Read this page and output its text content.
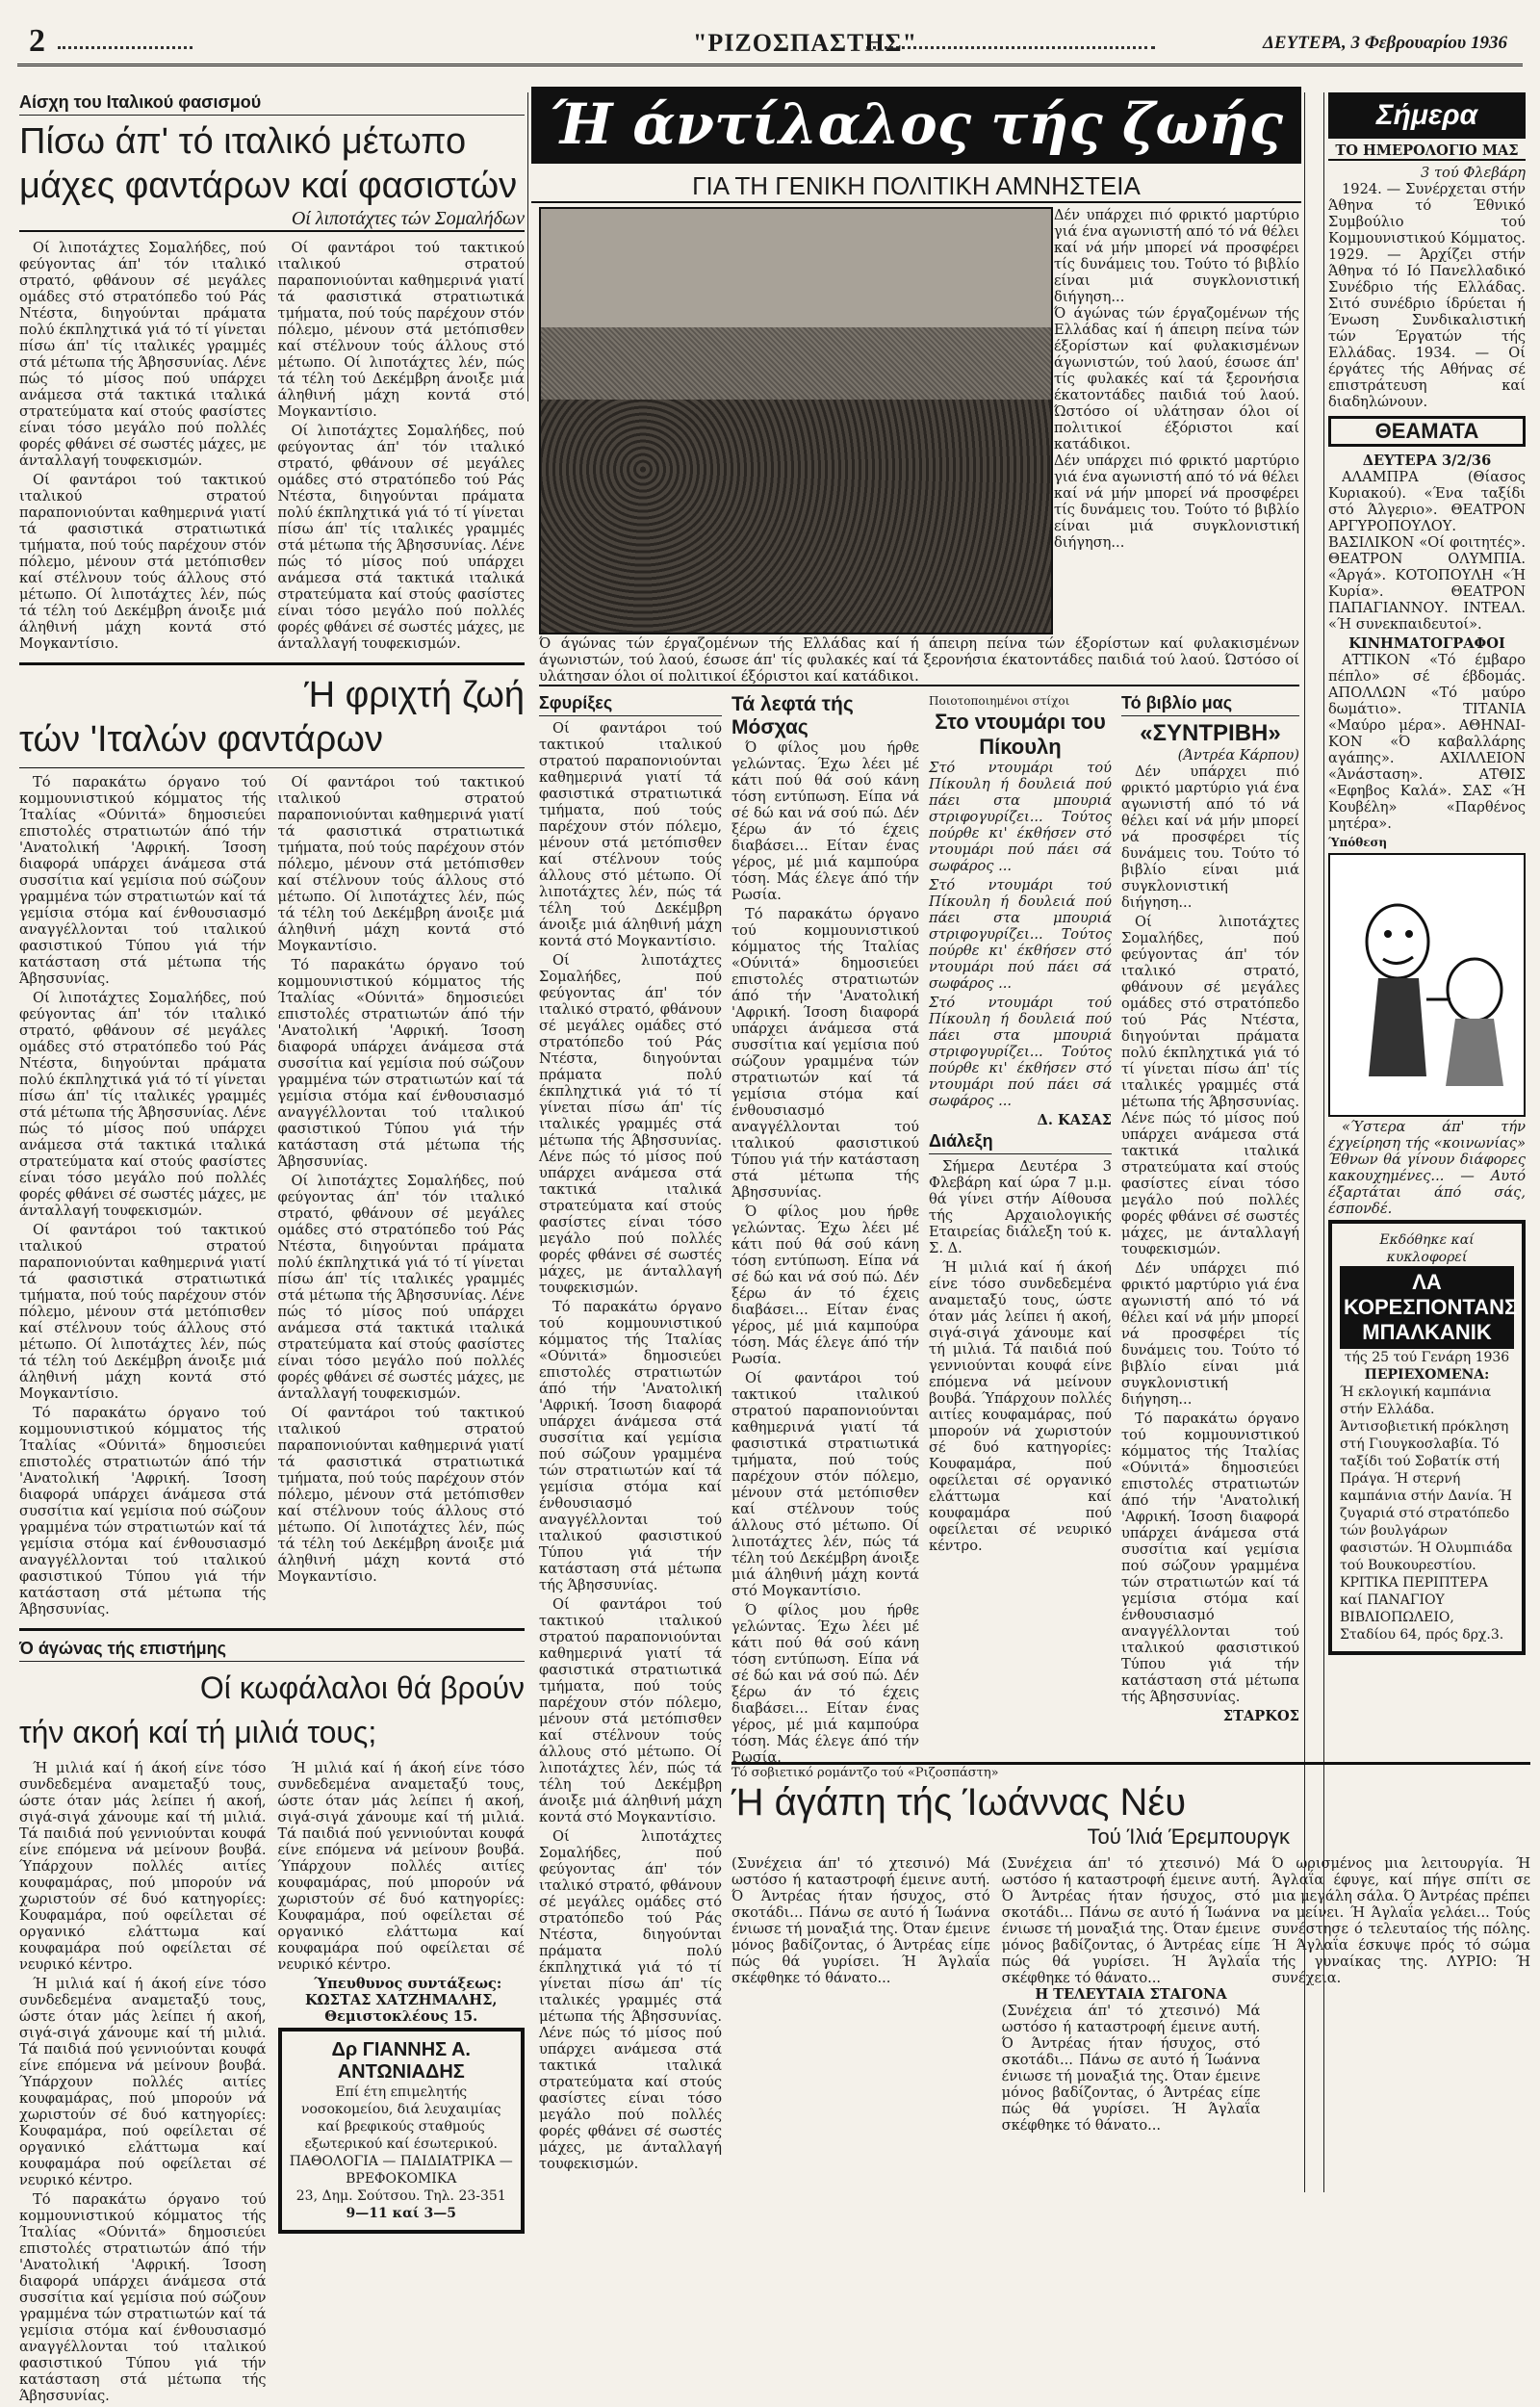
2	"ΡΙΖΟΣΠΑΣΤΗΣ"	ΔΕΥΤΕΡΑ, 3 Φεβρουαρίου 1936
Αίσχη του Ιταλικού φασισμού
Πίσω άπ' τό ιταλικό μέτωπο
μάχες φαντάρων καί φασιστών
Οί λιποτάχτες τών Σομαλήδων

Οί λιποτάχτες Σομαλήδες, πού φεύγοντας άπ' τόν ιταλικό στρατό, φθάνουν σέ μεγάλες ομάδες στό στρατόπεδο τού Ράς Ντέστα, διηγούνται πράματα πολύ έκπληχτικά γιά τό τί γίνεται πίσω άπ' τίς ιταλικές γραμμές στά μέτωπα τής Άβησσυνίας. Λένε πώς τό μίσος πού υπάρχει ανάμεσα στά τακτικά ιταλικά στρατεύματα καί στούς φασίστες είναι τόσο μεγάλο πού πολλές φορές φθάνει σέ σωστές μάχες, με άνταλλαγή τουφεκισμών.

Οί φαντάροι τού τακτικού ιταλικού στρατού παραπονιούνται καθημερινά γιατί τά φασιστικά στρατιωτικά τμήματα, πού τούς παρέχουν στόν πόλεμο, μένουν στά μετόπισθεν καί στέλνουν τούς άλλους στό μέτωπο. Οί λιποτάχτες λέν, πώς τά τέλη τού Δεκέμβρη άνοιξε μιά άληθινή μάχη κοντά στό Μογκαντίσιο.

Οί φαντάροι τού τακτικού ιταλικού στρατού παραπονιούνται καθημερινά γιατί τά φασιστικά στρατιωτικά τμήματα, πού τούς παρέχουν στόν πόλεμο, μένουν στά μετόπισθεν καί στέλνουν τούς άλλους στό μέτωπο. Οί λιποτάχτες λέν, πώς τά τέλη τού Δεκέμβρη άνοιξε μιά άληθινή μάχη κοντά στό Μογκαντίσιο.

Οί λιποτάχτες Σομαλήδες, πού φεύγοντας άπ' τόν ιταλικό στρατό, φθάνουν σέ μεγάλες ομάδες στό στρατόπεδο τού Ράς Ντέστα, διηγούνται πράματα πολύ έκπληχτικά γιά τό τί γίνεται πίσω άπ' τίς ιταλικές γραμμές στά μέτωπα τής Άβησσυνίας. Λένε πώς τό μίσος πού υπάρχει ανάμεσα στά τακτικά ιταλικά στρατεύματα καί στούς φασίστες είναι τόσο μεγάλο πού πολλές φορές φθάνει σέ σωστές μάχες, με άνταλλαγή τουφεκισμών.

Ή φριχτή ζωή
τών 'Ιταλών φαντάρων

Τό παρακάτω όργανο τού κομμουνιστικού κόμματος τής Ίταλίας «Ούνιτά» δημοσιεύει επιστολές στρατιωτών άπό τήν 'Ανατολική 'Αφρική. Ίσοση διαφορά υπάρχει άνάμεσα στά συσσίτια καί γεμίσια πού σώζουν γραμμένα τών στρατιωτών καί τά γεμίσια στόμα καί ένθουσιασμό αναγγέλλονται τού ιταλικού φασιστικού Τύπου γιά τήν κατάσταση στά μέτωπα τής Άβησσυνίας.

Οί λιποτάχτες Σομαλήδες, πού φεύγοντας άπ' τόν ιταλικό στρατό, φθάνουν σέ μεγάλες ομάδες στό στρατόπεδο τού Ράς Ντέστα, διηγούνται πράματα πολύ έκπληχτικά γιά τό τί γίνεται πίσω άπ' τίς ιταλικές γραμμές στά μέτωπα τής Άβησσυνίας. Λένε πώς τό μίσος πού υπάρχει ανάμεσα στά τακτικά ιταλικά στρατεύματα καί στούς φασίστες είναι τόσο μεγάλο πού πολλές φορές φθάνει σέ σωστές μάχες, με άνταλλαγή τουφεκισμών.

Οί φαντάροι τού τακτικού ιταλικού στρατού παραπονιούνται καθημερινά γιατί τά φασιστικά στρατιωτικά τμήματα, πού τούς παρέχουν στόν πόλεμο, μένουν στά μετόπισθεν καί στέλνουν τούς άλλους στό μέτωπο. Οί λιποτάχτες λέν, πώς τά τέλη τού Δεκέμβρη άνοιξε μιά άληθινή μάχη κοντά στό Μογκαντίσιο.

Τό παρακάτω όργανο τού κομμουνιστικού κόμματος τής Ίταλίας «Ούνιτά» δημοσιεύει επιστολές στρατιωτών άπό τήν 'Ανατολική 'Αφρική. Ίσοση διαφορά υπάρχει άνάμεσα στά συσσίτια καί γεμίσια πού σώζουν γραμμένα τών στρατιωτών καί τά γεμίσια στόμα καί ένθουσιασμό αναγγέλλονται τού ιταλικού φασιστικού Τύπου γιά τήν κατάσταση στά μέτωπα τής Άβησσυνίας.

Οί φαντάροι τού τακτικού ιταλικού στρατού παραπονιούνται καθημερινά γιατί τά φασιστικά στρατιωτικά τμήματα, πού τούς παρέχουν στόν πόλεμο, μένουν στά μετόπισθεν καί στέλνουν τούς άλλους στό μέτωπο. Οί λιποτάχτες λέν, πώς τά τέλη τού Δεκέμβρη άνοιξε μιά άληθινή μάχη κοντά στό Μογκαντίσιο.

Τό παρακάτω όργανο τού κομμουνιστικού κόμματος τής Ίταλίας «Ούνιτά» δημοσιεύει επιστολές στρατιωτών άπό τήν 'Ανατολική 'Αφρική. Ίσοση διαφορά υπάρχει άνάμεσα στά συσσίτια καί γεμίσια πού σώζουν γραμμένα τών στρατιωτών καί τά γεμίσια στόμα καί ένθουσιασμό αναγγέλλονται τού ιταλικού φασιστικού Τύπου γιά τήν κατάσταση στά μέτωπα τής Άβησσυνίας.

Οί λιποτάχτες Σομαλήδες, πού φεύγοντας άπ' τόν ιταλικό στρατό, φθάνουν σέ μεγάλες ομάδες στό στρατόπεδο τού Ράς Ντέστα, διηγούνται πράματα πολύ έκπληχτικά γιά τό τί γίνεται πίσω άπ' τίς ιταλικές γραμμές στά μέτωπα τής Άβησσυνίας. Λένε πώς τό μίσος πού υπάρχει ανάμεσα στά τακτικά ιταλικά στρατεύματα καί στούς φασίστες είναι τόσο μεγάλο πού πολλές φορές φθάνει σέ σωστές μάχες, με άνταλλαγή τουφεκισμών.

Οί φαντάροι τού τακτικού ιταλικού στρατού παραπονιούνται καθημερινά γιατί τά φασιστικά στρατιωτικά τμήματα, πού τούς παρέχουν στόν πόλεμο, μένουν στά μετόπισθεν καί στέλνουν τούς άλλους στό μέτωπο. Οί λιποτάχτες λέν, πώς τά τέλη τού Δεκέμβρη άνοιξε μιά άληθινή μάχη κοντά στό Μογκαντίσιο.

Ό άγώνας τής επιστήμης
Οί κωφάλαλοι θά βρούν
τήν ακοή καί τή μιλιά τους;

Ή μιλιά καί ή άκοή είνε τόσο συνδεδεμένα αναμεταξύ τους, ώστε όταν μάς λείπει ή ακοή, σιγά-σιγά χάνουμε καί τή μιλιά. Τά παιδιά πού γεννιούνται κουφά είνε επόμενα νά μείνουν βουβά. Ύπάρχουν πολλές αιτίες κουφαμάρας, πού μπορούν νά χωριστούν σέ δυό κατηγορίες: Κουφαμάρα, πού οφείλεται σέ οργανικό ελάττωμα καί κουφαμάρα πού οφείλεται σέ νευρικό κέντρο.

Ή μιλιά καί ή άκοή είνε τόσο συνδεδεμένα αναμεταξύ τους, ώστε όταν μάς λείπει ή ακοή, σιγά-σιγά χάνουμε καί τή μιλιά. Τά παιδιά πού γεννιούνται κουφά είνε επόμενα νά μείνουν βουβά. Ύπάρχουν πολλές αιτίες κουφαμάρας, πού μπορούν νά χωριστούν σέ δυό κατηγορίες: Κουφαμάρα, πού οφείλεται σέ οργανικό ελάττωμα καί κουφαμάρα πού οφείλεται σέ νευρικό κέντρο.

Τό παρακάτω όργανο τού κομμουνιστικού κόμματος τής Ίταλίας «Ούνιτά» δημοσιεύει επιστολές στρατιωτών άπό τήν 'Ανατολική 'Αφρική. Ίσοση διαφορά υπάρχει άνάμεσα στά συσσίτια καί γεμίσια πού σώζουν γραμμένα τών στρατιωτών καί τά γεμίσια στόμα καί ένθουσιασμό αναγγέλλονται τού ιταλικού φασιστικού Τύπου γιά τήν κατάσταση στά μέτωπα τής Άβησσυνίας.

Ή μιλιά καί ή άκοή είνε τόσο συνδεδεμένα αναμεταξύ τους, ώστε όταν μάς λείπει ή ακοή, σιγά-σιγά χάνουμε καί τή μιλιά. Τά παιδιά πού γεννιούνται κουφά είνε επόμενα νά μείνουν βουβά. Ύπάρχουν πολλές αιτίες κουφαμάρας, πού μπορούν νά χωριστούν σέ δυό κατηγορίες: Κουφαμάρα, πού οφείλεται σέ οργανικό ελάττωμα καί κουφαμάρα πού οφείλεται σέ νευρικό κέντρο.

Ύπευθυνος συντάξεως: ΚΩΣΤΑΣ ΧΑΤΖΗΜΑΛΗΣ, Θεμιστοκλέους 15.

Δρ ΓΙΑΝΝΗΣ Α. ΑΝΤΩΝΙΑΔΗΣ
Επί έτη επιμελητής νοσοκομείου, διά λευχαιμίας καί βρεφικούς σταθμούς εξωτερικού καί έσωτερικού. ΠΑΘΟΛΟΓΙΑ — ΠΑΙΔΙΑΤΡΙΚΑ — ΒΡΕΦΟΚΟΜΙΚΑ
23, Δημ. Σούτσου. Τηλ. 23-351
9—11 καί 3—5
Ή άντίλαλος τής ζωής
ΓΙΑ ΤΗ ΓΕΝΙΚΗ ΠΟΛΙΤΙΚΗ ΑΜΝΗΣΤΕΙΑ

Δέν υπάρχει πιό φρικτό μαρτύριο γιά ένα αγωνιστή από τό νά θέλει καί νά μήν μπορεί νά προσφέρει τίς δυνάμεις του. Τούτο τό βιβλίο είναι μιά συγκλονιστική διήγηση...

Ό άγώνας τών έργαζομένων τής Ελλάδας καί ή άπειρη πείνα τών έξορίστων καί φυλακισμένων άγωνιστών, τού λαού, έσωσε άπ' τίς φυλακές καί τά ξερονήσια έκατοντάδες παιδιά τού λαού. Ώστόσο οί υλάτησαν όλοι οί πολιτικοί έξόριστοι καί κατάδικοι.

Δέν υπάρχει πιό φρικτό μαρτύριο γιά ένα αγωνιστή από τό νά θέλει καί νά μήν μπορεί νά προσφέρει τίς δυνάμεις του. Τούτο τό βιβλίο είναι μιά συγκλονιστική διήγηση...

Ό άγώνας τών έργαζομένων τής Ελλάδας καί ή άπειρη πείνα τών έξορίστων καί φυλακισμένων άγωνιστών, τού λαού, έσωσε άπ' τίς φυλακές καί τά ξερονήσια έκατοντάδες παιδιά τού λαού. Ώστόσο οί υλάτησαν όλοι οί πολιτικοί έξόριστοι καί κατάδικοι.
Σφυρίξες

Οί φαντάροι τού τακτικού ιταλικού στρατού παραπονιούνται καθημερινά γιατί τά φασιστικά στρατιωτικά τμήματα, πού τούς παρέχουν στόν πόλεμο, μένουν στά μετόπισθεν καί στέλνουν τούς άλλους στό μέτωπο. Οί λιποτάχτες λέν, πώς τά τέλη τού Δεκέμβρη άνοιξε μιά άληθινή μάχη κοντά στό Μογκαντίσιο.

Οί λιποτάχτες Σομαλήδες, πού φεύγοντας άπ' τόν ιταλικό στρατό, φθάνουν σέ μεγάλες ομάδες στό στρατόπεδο τού Ράς Ντέστα, διηγούνται πράματα πολύ έκπληχτικά γιά τό τί γίνεται πίσω άπ' τίς ιταλικές γραμμές στά μέτωπα τής Άβησσυνίας. Λένε πώς τό μίσος πού υπάρχει ανάμεσα στά τακτικά ιταλικά στρατεύματα καί στούς φασίστες είναι τόσο μεγάλο πού πολλές φορές φθάνει σέ σωστές μάχες, με άνταλλαγή τουφεκισμών.

Τό παρακάτω όργανο τού κομμουνιστικού κόμματος τής Ίταλίας «Ούνιτά» δημοσιεύει επιστολές στρατιωτών άπό τήν 'Ανατολική 'Αφρική. Ίσοση διαφορά υπάρχει άνάμεσα στά συσσίτια καί γεμίσια πού σώζουν γραμμένα τών στρατιωτών καί τά γεμίσια στόμα καί ένθουσιασμό αναγγέλλονται τού ιταλικού φασιστικού Τύπου γιά τήν κατάσταση στά μέτωπα τής Άβησσυνίας.

Οί φαντάροι τού τακτικού ιταλικού στρατού παραπονιούνται καθημερινά γιατί τά φασιστικά στρατιωτικά τμήματα, πού τούς παρέχουν στόν πόλεμο, μένουν στά μετόπισθεν καί στέλνουν τούς άλλους στό μέτωπο. Οί λιποτάχτες λέν, πώς τά τέλη τού Δεκέμβρη άνοιξε μιά άληθινή μάχη κοντά στό Μογκαντίσιο.

Οί λιποτάχτες Σομαλήδες, πού φεύγοντας άπ' τόν ιταλικό στρατό, φθάνουν σέ μεγάλες ομάδες στό στρατόπεδο τού Ράς Ντέστα, διηγούνται πράματα πολύ έκπληχτικά γιά τό τί γίνεται πίσω άπ' τίς ιταλικές γραμμές στά μέτωπα τής Άβησσυνίας. Λένε πώς τό μίσος πού υπάρχει ανάμεσα στά τακτικά ιταλικά στρατεύματα καί στούς φασίστες είναι τόσο μεγάλο πού πολλές φορές φθάνει σέ σωστές μάχες, με άνταλλαγή τουφεκισμών.

Τά λεφτά τής Μόσχας

Ό φίλος μου ήρθε γελώντας. Έχω λέει μέ κάτι πού θά σού κάνη τόση εντύπωση. Είπα νά σέ δώ και νά σού πώ. Δέν ξέρω άν τό έχεις διαβάσει... Είταν ένας γέρος, μέ μιά καμπούρα τόση. Μάς έλεγε άπό τήν Ρωσία.

Τό παρακάτω όργανο τού κομμουνιστικού κόμματος τής Ίταλίας «Ούνιτά» δημοσιεύει επιστολές στρατιωτών άπό τήν 'Ανατολική 'Αφρική. Ίσοση διαφορά υπάρχει άνάμεσα στά συσσίτια καί γεμίσια πού σώζουν γραμμένα τών στρατιωτών καί τά γεμίσια στόμα καί ένθουσιασμό αναγγέλλονται τού ιταλικού φασιστικού Τύπου γιά τήν κατάσταση στά μέτωπα τής Άβησσυνίας.

Ό φίλος μου ήρθε γελώντας. Έχω λέει μέ κάτι πού θά σού κάνη τόση εντύπωση. Είπα νά σέ δώ και νά σού πώ. Δέν ξέρω άν τό έχεις διαβάσει... Είταν ένας γέρος, μέ μιά καμπούρα τόση. Μάς έλεγε άπό τήν Ρωσία.

Οί φαντάροι τού τακτικού ιταλικού στρατού παραπονιούνται καθημερινά γιατί τά φασιστικά στρατιωτικά τμήματα, πού τούς παρέχουν στόν πόλεμο, μένουν στά μετόπισθεν καί στέλνουν τούς άλλους στό μέτωπο. Οί λιποτάχτες λέν, πώς τά τέλη τού Δεκέμβρη άνοιξε μιά άληθινή μάχη κοντά στό Μογκαντίσιο.

Ό φίλος μου ήρθε γελώντας. Έχω λέει μέ κάτι πού θά σού κάνη τόση εντύπωση. Είπα νά σέ δώ και νά σού πώ. Δέν ξέρω άν τό έχεις διαβάσει... Είταν ένας γέρος, μέ μιά καμπούρα τόση. Μάς έλεγε άπό τήν Ρωσία.

Ποιοτοποιημένοι στίχοι
Στο ντουμάρι του Πίκουλη

Στό ντουμάρι τού Πίκουλη ή δουλειά πού πάει στα μπουριά στριφογυρίζει... Τούτος πούρθε κι' έκθήσεν στό ντουμάρι πού πάει σά σωφάρος ...

Στό ντουμάρι τού Πίκουλη ή δουλειά πού πάει στα μπουριά στριφογυρίζει... Τούτος πούρθε κι' έκθήσεν στό ντουμάρι πού πάει σά σωφάρος ...

Στό ντουμάρι τού Πίκουλη ή δουλειά πού πάει στα μπουριά στριφογυρίζει... Τούτος πούρθε κι' έκθήσεν στό ντουμάρι πού πάει σά σωφάρος ...

Δ. ΚΑΣΑΣ

Διάλεξη

Σήμερα Δευτέρα 3 Φλεβάρη καί ώρα 7 μ.μ. θά γίνει στήν Αίθουσα τής Αρχαιολογικής Εταιρείας διάλεξη τού κ. Σ. Δ.

Ή μιλιά καί ή άκοή είνε τόσο συνδεδεμένα αναμεταξύ τους, ώστε όταν μάς λείπει ή ακοή, σιγά-σιγά χάνουμε καί τή μιλιά. Τά παιδιά πού γεννιούνται κουφά είνε επόμενα νά μείνουν βουβά. Ύπάρχουν πολλές αιτίες κουφαμάρας, πού μπορούν νά χωριστούν σέ δυό κατηγορίες: Κουφαμάρα, πού οφείλεται σέ οργανικό ελάττωμα καί κουφαμάρα πού οφείλεται σέ νευρικό κέντρο.

Τό βιβλίο μας
«ΣΥΝΤΡΙΒΗ»
(Άντρέα Κάρπου)

Δέν υπάρχει πιό φρικτό μαρτύριο γιά ένα αγωνιστή από τό νά θέλει καί νά μήν μπορεί νά προσφέρει τίς δυνάμεις του. Τούτο τό βιβλίο είναι μιά συγκλονιστική διήγηση...

Οί λιποτάχτες Σομαλήδες, πού φεύγοντας άπ' τόν ιταλικό στρατό, φθάνουν σέ μεγάλες ομάδες στό στρατόπεδο τού Ράς Ντέστα, διηγούνται πράματα πολύ έκπληχτικά γιά τό τί γίνεται πίσω άπ' τίς ιταλικές γραμμές στά μέτωπα τής Άβησσυνίας. Λένε πώς τό μίσος πού υπάρχει ανάμεσα στά τακτικά ιταλικά στρατεύματα καί στούς φασίστες είναι τόσο μεγάλο πού πολλές φορές φθάνει σέ σωστές μάχες, με άνταλλαγή τουφεκισμών.

Δέν υπάρχει πιό φρικτό μαρτύριο γιά ένα αγωνιστή από τό νά θέλει καί νά μήν μπορεί νά προσφέρει τίς δυνάμεις του. Τούτο τό βιβλίο είναι μιά συγκλονιστική διήγηση...

Τό παρακάτω όργανο τού κομμουνιστικού κόμματος τής Ίταλίας «Ούνιτά» δημοσιεύει επιστολές στρατιωτών άπό τήν 'Ανατολική 'Αφρική. Ίσοση διαφορά υπάρχει άνάμεσα στά συσσίτια καί γεμίσια πού σώζουν γραμμένα τών στρατιωτών καί τά γεμίσια στόμα καί ένθουσιασμό αναγγέλλονται τού ιταλικού φασιστικού Τύπου γιά τήν κατάσταση στά μέτωπα τής Άβησσυνίας.

ΣΤΑΡΚΟΣ

Τό σοβιετικό ρομάντζο τού «Ριζοσπάστη»
Ή άγάπη τής Ίωάννας Νέυ
Τού Ίλιά Έρεμπουργκ

(Συνέχεια άπ' τό χτεσινό) Μά ωστόσο ή καταστροφή έμεινε αυτή. Ό Άντρέας ήταν ήσυχος, στό σκοτάδι... Πάνω σε αυτό ή Ίωάννα ένιωσε τή μοναξιά της. Όταν έμεινε μόνος βαδίζοντας, ό Άντρέας είπε πώς θά γυρίσει. Ή Άγλαΐα σκέφθηκε τό θάνατο...

(Συνέχεια άπ' τό χτεσινό) Μά ωστόσο ή καταστροφή έμεινε αυτή. Ό Άντρέας ήταν ήσυχος, στό σκοτάδι... Πάνω σε αυτό ή Ίωάννα ένιωσε τή μοναξιά της. Όταν έμεινε μόνος βαδίζοντας, ό Άντρέας είπε πώς θά γυρίσει. Ή Άγλαΐα σκέφθηκε τό θάνατο...

Η ΤΕΛΕΥΤΑΙΑ ΣΤΑΓΟΝΑ

(Συνέχεια άπ' τό χτεσινό) Μά ωστόσο ή καταστροφή έμεινε αυτή. Ό Άντρέας ήταν ήσυχος, στό σκοτάδι... Πάνω σε αυτό ή Ίωάννα ένιωσε τή μοναξιά της. Όταν έμεινε μόνος βαδίζοντας, ό Άντρέας είπε πώς θά γυρίσει. Ή Άγλαΐα σκέφθηκε τό θάνατο...

Ό ωρισμένος μια λειτουργία. Ή Άγλαΐα έφυγε, καί πήγε σπίτι σε μια μεγάλη σάλα. Ό Άντρέας πρέπει να μείνει. Ή Άγλαΐα γελάει... Τούς συνέστησε ό τελευταίος τής πόλης. Ή Άγλαΐα έσκυψε πρός τό σώμα τής γυναίκας της. ΛΥΡΙΟ: Ή συνέχεια.

Σήμερα
ΤΟ ΗΜΕΡΟΛΟΓΙΟ ΜΑΣ
3 τού Φλεβάρη

1924. — Συνέρχεται στήν Άθηνα τό Έθνικό Συμβούλιο τού Κομμουνιστικού Κόμματος. 1929. — Άρχίζει στήν Άθηνα τό Ιό Πανελλαδικό Συνέδριο τής Ελλάδας. Σιτό συνέδριο ίδρύεται ή Ένωση Συνδικαλιστική τών Έργατών τής Ελλάδας. 1934. — Οί έργάτες τής Αθήνας σέ επιστράτευση καί διαδηλώνουν.

ΘΕΑΜΑΤΑ
ΔΕΥΤΕΡΑ 3/2/36

ΑΛΑΜΠΡΑ (Θίασος Κυριακού). «Ένα ταξίδι στό Άλγεριο». ΘΕΑΤΡΟΝ ΑΡΓΥΡΟΠΟΥΛΟΥ. ΒΑΣΙΛΙΚΟΝ «Οί φοιτητές». ΘΕΑΤΡΟΝ ΟΛΥΜΠΙΑ. «Άργά». ΚΟΤΟΠΟΥΛΗ «Ή Κυρία». ΘΕΑΤΡΟΝ ΠΑΠΑΓΙΑΝΝΟΥ. ΙΝΤΕΑΛ. «Ή συνεκπαιδευτοί».

ΚΙΝΗΜΑΤΟΓΡΑΦΟΙ

ΑΤΤΙΚΟΝ «Τό έμβαρο πέπλο» σέ έβδομάς. ΑΠΟΛΛΩΝ «Τό μαύρο δωμάτιο». ΤΙΤΑΝΙΑ «Μαύρο μέρα». ΑΘΗΝΑΙ-ΚΟΝ «Ό καβαλλάρης αγάπης». ΑΧΙΛΛΕΙΟΝ «Άνάσταση». ΑΤΘΙΣ «Εφηβος Καλά». ΣΑΣ «Ή Κουβέλη» «Παρθένος μητέρα».

Ύπόθεση

«Ύστερα άπ' τήν έχγείρηση τής «κοινωνίας» Έθνων θά γίνουν διάφορες κακουχημένες... — Αυτό έξαρτάται άπό σάς, έσπονδέ.

Εκδόθηκε καί κυκλοφορεί
ΛΑ ΚΟΡΕΣΠΟΝΤΑΝΣ ΜΠΑΛΚΑΝΙΚ
τής 25 τού Γενάρη 1936
ΠΕΡΙΕΧΟΜΕΝΑ:
Ή εκλογική καμπάνια στήν Ελλάδα. Άντισοβιετική πρόκληση στή Γιουγκοσλαβία. Τό ταξίδι τού Σοβατίκ στή Πράγα. Ή στερνή καμπάνια στήν Δανία. Ή ζυγαριά στό στρατόπεδο τών βουλγάρων φασιστών. Ή Ολυμπιάδα τού Βουκουρεστίου. ΚΡΙΤΙΚΑ ΠΕΡΙΠΤΕΡΑ καί ΠΑΝΑΓΙΟΥ ΒΙΒΛΙΟΠΩΛΕΙΟ, Σταδίου 64, πρός δρχ.3.
